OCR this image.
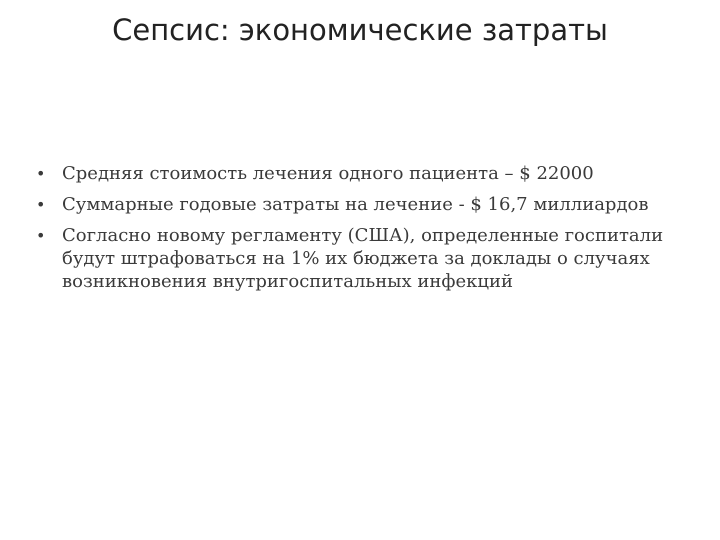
Сепсис: экономические затраты
• Средняя стоимость лечения одного пациента – $ 22000
• Суммарные годовые затраты на лечение - $ 16,7 миллиардов
• Согласно новому регламенту (США), определенные госпитали будут штрафоваться на 1% их бюджета за доклады о случаях возникновения внутригоспитальных инфекций
